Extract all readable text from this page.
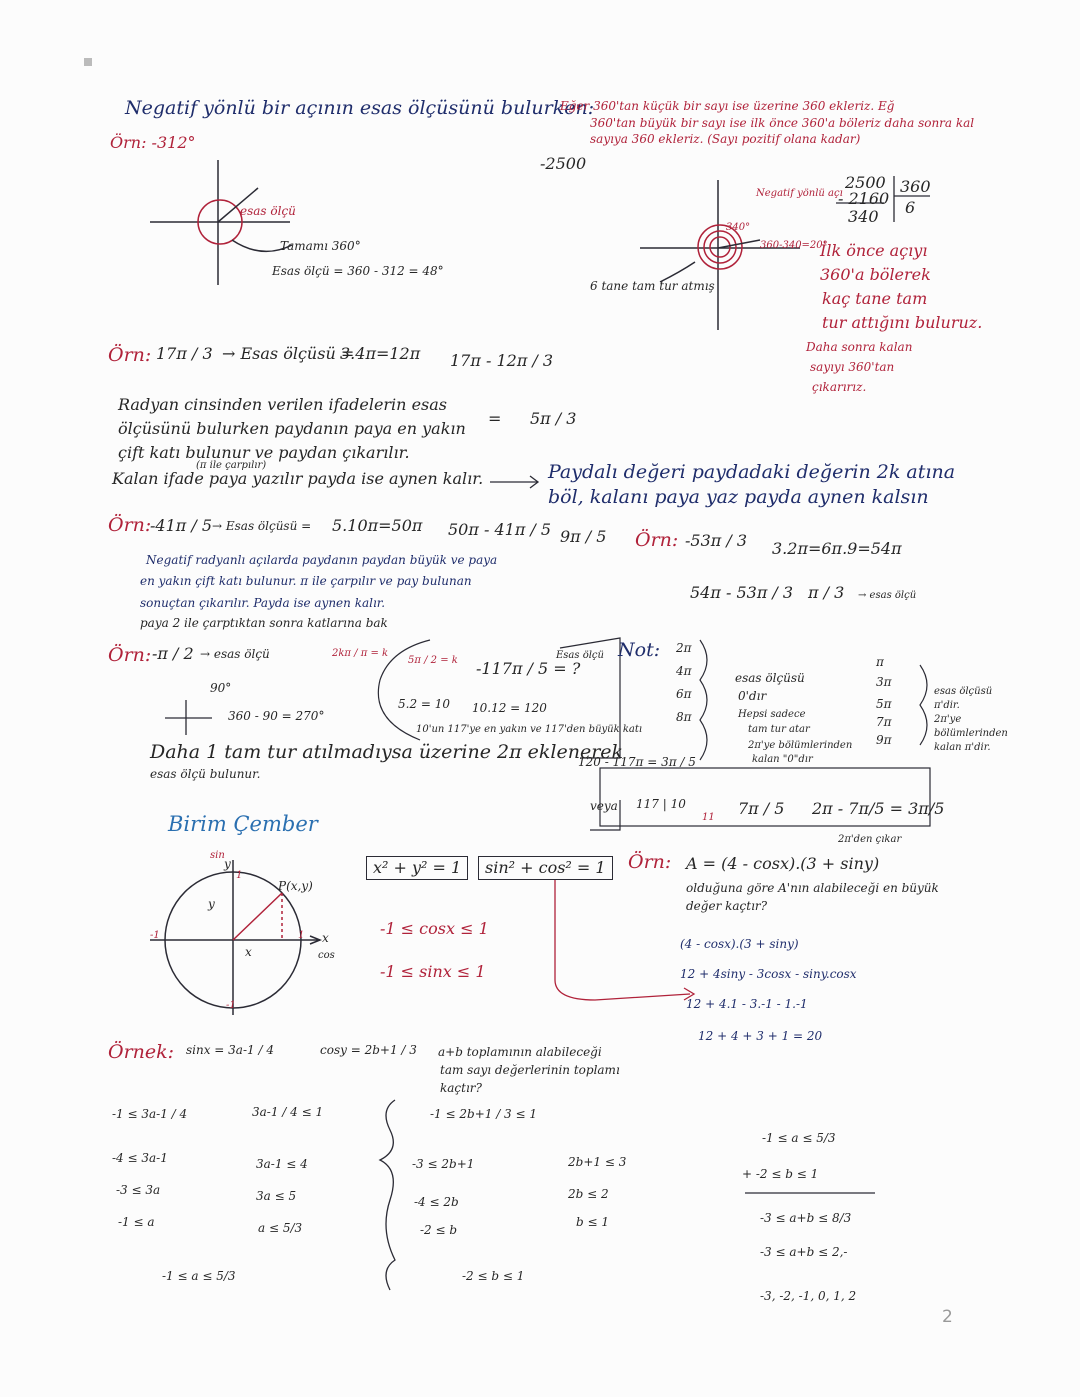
Negatif yönlü bir açının esas ölçüsünü bulurken:
Eğer 360'tan küçük bir sayı ise üzerine 360 ekleriz. Eğ
360'tan büyük bir sayı ise ilk önce 360'a böleriz daha sonra kal
sayıya 360 ekleriz. (Sayı pozitif olana kadar)
Örn: -312°
esas ölçü
Tamamı 360°
Esas ölçü = 360 - 312 = 48°
-2500
2500 360
- 2160 6
340
Negatif yönlü açı
340°
360-340=20°
6 tane tam tur atmış
İlk önce açıyı
360'a bölerek
kaç tane tam
tur attığını buluruz.
Daha sonra kalan
sayıyı 360'tan
çıkarırız.
Örn: 17π / 3 → Esas ölçüsü =
3.4π=12π 17π - 12π / 3
= 5π / 3
Radyan cinsinden verilen ifadelerin esas
ölçüsünü bulurken paydanın paya en yakın
çift katı bulunur ve paydan çıkarılır.
(π ile çarpılır)
Kalan ifade paya yazılır payda ise aynen kalır.	Paydalı değeri paydadaki değerin 2k atına
böl, kalanı paya yaz payda aynen kalsın
Örn:
-41π / 5 → Esas ölçüsü = 5.10π=50π 50π - 41π / 5 9π / 5
Negatif radyanlı açılarda paydanın paydan büyük ve paya
en yakın çift katı bulunur. π ile çarpılır ve pay bulunan
sonuçtan çıkarılır. Payda ise aynen kalır.
paya 2 ile çarptıktan sonra katlarına bak
Örn: -53π / 3 3.2π=6π.9=54π
54π - 53π / 3 π / 3 → esas ölçü
Örn: -π / 2 → esas ölçü
90°
360 - 90 = 270°
2kπ / π = k
5π / 2 = k -117π / 5 = ?
Esas ölçü
5.2 = 10 10.12 = 120
10'un 117'ye en yakın ve 117'den büyük katı
120 - 117π = 3π / 5
veya 117 | 10
11 7π / 5 2π - 7π/5 = 3π/5
2π'den çıkar
Daha 1 tam tur atılmadıysa üzerine 2π eklenerek
esas ölçü bulunur.
Not: 2π
4π
6π
8π
esas ölçüsü
0'dır
Hepsi sadece
tam tur atar
2π'ye bölümlerinden
kalan "0"dır
π
3π
5π
7π
9π
esas ölçüsü
π'dir.
2π'ye
bölümlerinden
kalan π'dir.
Birim Çember
sin
y
y
x
x
P(x,y)
cos
1
1
-1
-1
x² + y² = 1	sin² + cos² = 1
-1 ≤ cosx ≤ 1
-1 ≤ sinx ≤ 1
Örn: A = (4 - cosx).(3 + siny)
olduğuna göre A'nın alabileceği en büyük
değer kaçtır?
(4 - cosx).(3 + siny)
12 + 4siny - 3cosx - siny.cosx
12 + 4.1 - 3.-1 - 1.-1
12 + 4 + 3 + 1 = 20
Örnek: sinx = 3a-1 / 4	cosy = 2b+1 / 3 a+b toplamının alabileceği
tam sayı değerlerinin toplamı
kaçtır?
-1 ≤ 3a-1 / 4
-4 ≤ 3a-1
-3 ≤ 3a
-1 ≤ a
3a-1 / 4 ≤ 1
3a-1 ≤ 4
3a ≤ 5
a ≤ 5/3
-1 ≤ a ≤ 5/3
-1 ≤ 2b+1 / 3 ≤ 1
-3 ≤ 2b+1
-4 ≤ 2b
-2 ≤ b
2b+1 ≤ 3
2b ≤ 2
b ≤ 1
-2 ≤ b ≤ 1
-1 ≤ a ≤ 5/3
+ -2 ≤ b ≤ 1
-3 ≤ a+b ≤ 8/3
-3 ≤ a+b ≤ 2,-
-3, -2, -1, 0, 1, 2
2
